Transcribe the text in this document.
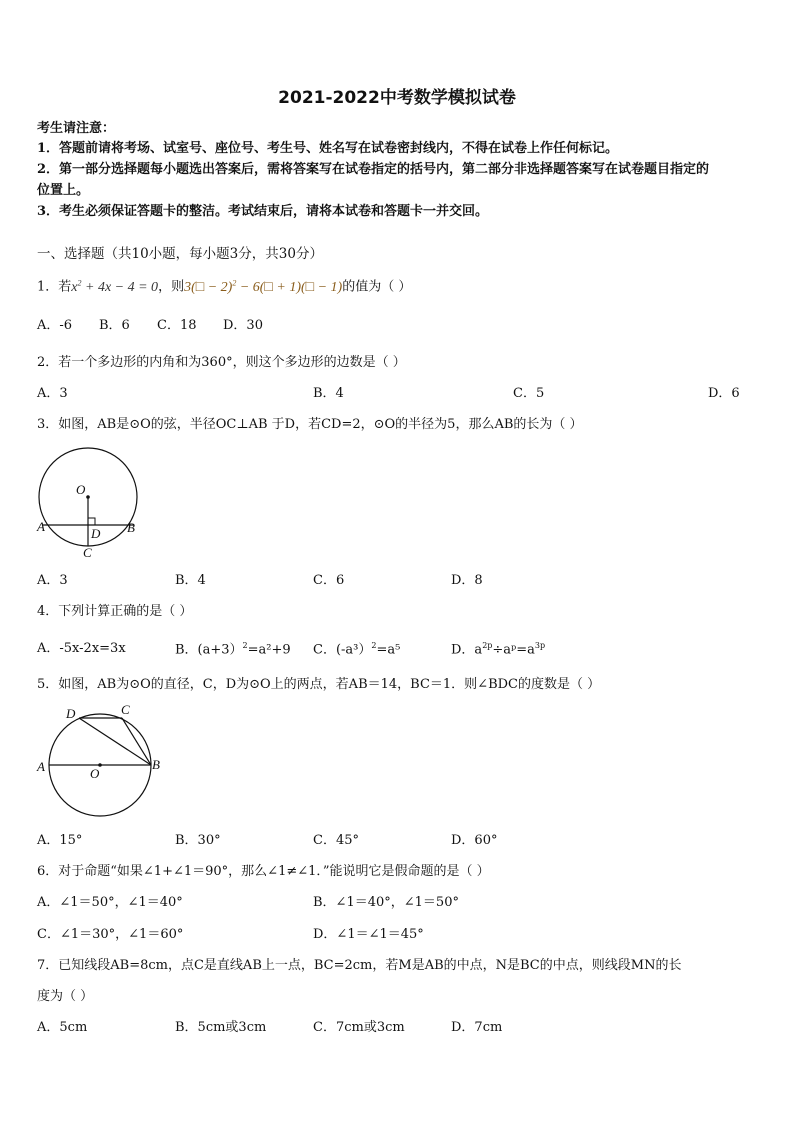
2021-2022中考数学模拟试卷
考生请注意：
1．答题前请将考场、试室号、座位号、考生号、姓名写在试卷密封线内，不得在试卷上作任何标记。
2．第一部分选择题每小题选出答案后，需将答案写在试卷指定的括号内，第二部分非选择题答案写在试卷题目指定的
位置上。
3．考生必须保证答题卡的整洁。考试结束后，请将本试卷和答题卡一并交回。
一、选择题（共10小题，每小题3分，共30分）
1．若$x^2 + 4x - 4 = 0$，则3(□ − 2)$^2$ − 6(□ + 1)(□ − 1)的值为（ ）
A．-6 B．6 C．18 D．30
2．若一个多边形的内角和为360°，则这个多边形的边数是（ ）
A．3	B．4	C．5	D．6
3．如图，AB是⊙O的弦，半径OC⊥AB 于D，若CD=2，⊙O的半径为5，那么AB的长为（ ）
O
A	B
D
C
A．3	B．4	C．6	D．8
4．下列计算正确的是（ ）
A．-5x-2x=3x	B．(a+3）$^2$=a²+9 C．(-a³）$^2$=a⁵	D．$a^{2p}\div aᵖ=a^{3p}$
5．如图，AB为⊙O的直径，C，D为⊙O上的两点，若AB＝14，BC＝1．则∠BDC的度数是（ ）
D	C
A	O
B
A．15°	B．30°	C．45°	D．60°
6．对于命题“如果∠1+∠1＝90°，那么∠1≠∠1．”能说明它是假命题的是（ ）
A．∠1＝50°，∠1＝40°	B．∠1＝40°，∠1＝50°
C．∠1＝30°，∠1＝60°	D．∠1＝∠1＝45°
7．已知线段AB=8cm，点C是直线AB上一点，BC=2cm，若M是AB的中点，N是BC的中点，则线段MN的长
度为（ ）
A．5cm	B．5cm或3cm	C．7cm或3cm	D．7cm
